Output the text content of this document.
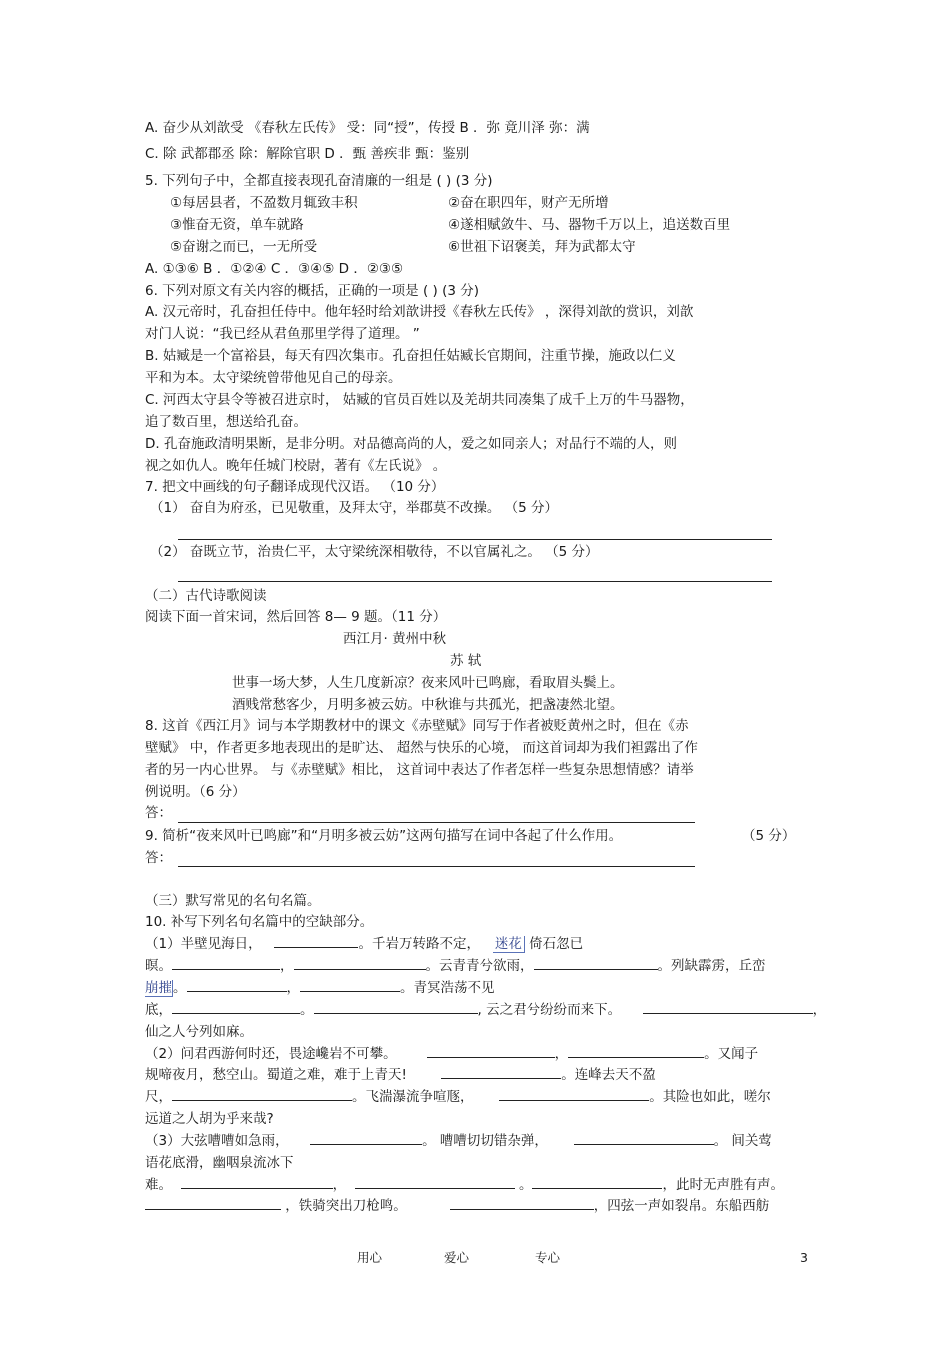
A. 奋少从刘歆受 《春秋左氏传》 受：同“授”，传授 B ．弥 竟川泽 弥：满
C. 除 武都郡丞 除：解除官职 D ．甄 善疾非 甄：鉴别
5. 下列句子中，全都直接表现孔奋清廉的一组是 ( ) (3 分)
①每居县者，不盈数月辄致丰积	②奋在职四年，财产无所增
③惟奋无资，单车就路	④遂相赋敛牛、马、器物千万以上，追送数百里
⑤奋谢之而已，一无所受	⑥世祖下诏褒美，拜为武都太守
A. ①③⑥ B ．①②④ C ．③④⑤ D ．②③⑤
6. 下列对原文有关内容的概括，正确的一项是 ( ) (3 分)
A. 汉元帝时，孔奋担任侍中。他年轻时给刘歆讲授《春秋左氏传》 ，深得刘歆的赏识，刘歆
对门人说：“我已经从君鱼那里学得了道理。 ”
B. 姑臧是一个富裕县，每天有四次集市。孔奋担任姑臧长官期间，注重节操，施政以仁义
平和为本。太守梁统曾带他见自己的母亲。
C. 河西太守县令等被召进京时， 姑臧的官员百姓以及羌胡共同凑集了成千上万的牛马器物，
追了数百里，想送给孔奋。
D. 孔奋施政清明果断，是非分明。对品德高尚的人，爱之如同亲人；对品行不端的人，则
视之如仇人。晚年任城门校尉，著有《左氏说》 。
7. 把文中画线的句子翻译成现代汉语。 （10 分）
（1） 奋自为府丞，已见敬重，及拜太守，举郡莫不改操。 （5 分）
（2） 奋既立节，治贵仁平，太守梁统深相敬待，不以官属礼之。 （5 分）
（二）古代诗歌阅读
阅读下面一首宋词，然后回答 8— 9 题。（11 分）
西江月· 黄州中秋
苏 轼
世事一场大梦，人生几度新凉？夜来风叶已鸣廊，看取眉头鬓上。
酒贱常愁客少，月明多被云妨。中秋谁与共孤光，把盏凄然北望。
8. 这首《西江月》词与本学期教材中的课文《赤壁赋》同写于作者被贬黄州之时，但在《赤
壁赋》 中，作者更多地表现出的是旷达、 超然与快乐的心境， 而这首词却为我们袒露出了作
者的另一内心世界。 与《赤壁赋》相比， 这首词中表达了作者怎样一些复杂思想情感？请举
例说明。（6 分）
答：
9. 简析“夜来风叶已鸣廊”和“月明多被云妨”这两句描写在词中各起了什么作用。	（5 分）
答：
（三）默写常见的名句名篇。
10. 补写下列名句名篇中的空缺部分。
（1）半壁见海日，	。千岩万转路不定， 迷花 倚石忽已
暝。	，	。云青青兮欲雨，	。列缺霹雳，丘峦
崩摧。	，	。青冥浩荡不见
底，	。	, 云之君兮纷纷而来下。	，
仙之人兮列如麻。
（2）问君西游何时还，畏途巉岩不可攀。	，	。又闻子
规啼夜月，愁空山。蜀道之难，难于上青天!	。连峰去天不盈
尺，	。飞湍瀑流争喧豗，	。其险也如此，嗟尔
远道之人胡为乎来哉?
（3）大弦嘈嘈如急雨，	。 嘈嘈切切错杂弹，	。 间关莺
语花底滑，幽咽泉流冰下
难。	，	。	，此时无声胜有声。
，铁骑突出刀枪鸣。	，四弦一声如裂帛。东船西舫
用心	爱心	专心	3
